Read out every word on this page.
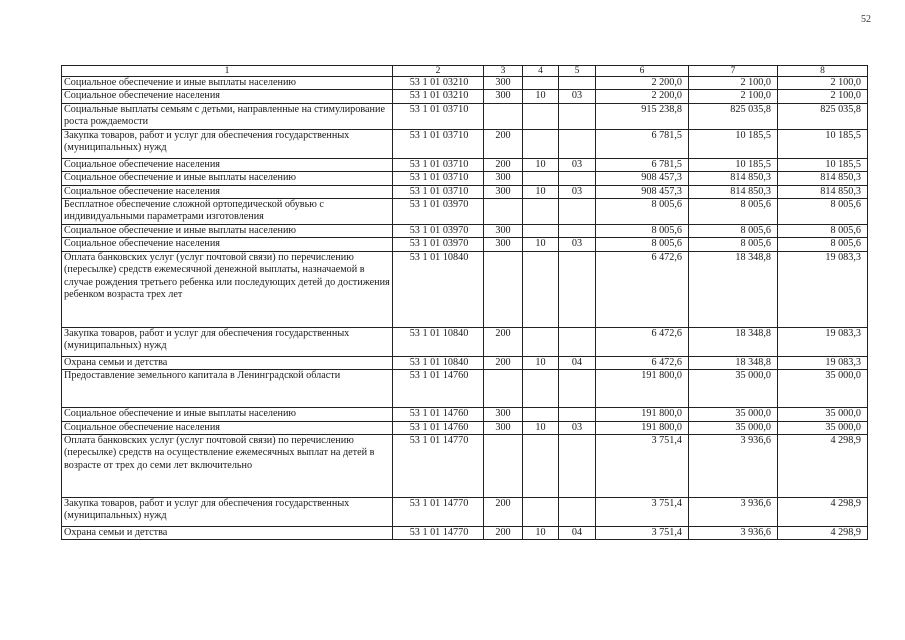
52
1	2	3	4	5	6	7	8
Социальное обеспечение и иные выплаты населению	53 1 01 03210	300			2 200,0	2 100,0	2 100,0
Социальное обеспечение населения	53 1 01 03210	300	10	03	2 200,0	2 100,0	2 100,0
Социальные выплаты семьям с детьми, направленные на стимулирование роста рождаемости	53 1 01 03710				915 238,8	825 035,8	825 035,8
Закупка товаров, работ и услуг для обеспечения государственных (муниципальных) нужд	53 1 01 03710	200			6 781,5	10 185,5	10 185,5
Социальное обеспечение населения	53 1 01 03710	200	10	03	6 781,5	10 185,5	10 185,5
Социальное обеспечение и иные выплаты населению	53 1 01 03710	300			908 457,3	814 850,3	814 850,3
Социальное обеспечение населения	53 1 01 03710	300	10	03	908 457,3	814 850,3	814 850,3
Бесплатное обеспечение сложной ортопедической обувью с индивидуальными параметрами изготовления	53 1 01 03970				8 005,6	8 005,6	8 005,6
Социальное обеспечение и иные выплаты населению	53 1 01 03970	300			8 005,6	8 005,6	8 005,6
Социальное обеспечение населения	53 1 01 03970	300	10	03	8 005,6	8 005,6	8 005,6
Оплата банковских услуг (услуг почтовой связи) по перечислению (пересылке) средств ежемесячной денежной выплаты, назначаемой в случае рождения третьего ребенка или последующих детей до достижения ребенком возраста трех лет	53 1 01 10840				6 472,6	18 348,8	19 083,3
Закупка товаров, работ и услуг для обеспечения государственных (муниципальных) нужд	53 1 01 10840	200			6 472,6	18 348,8	19 083,3
Охрана семьи и детства	53 1 01 10840	200	10	04	6 472,6	18 348,8	19 083,3
Предоставление земельного капитала в Ленинградской области	53 1 01 14760				191 800,0	35 000,0	35 000,0
Социальное обеспечение и иные выплаты населению	53 1 01 14760	300			191 800,0	35 000,0	35 000,0
Социальное обеспечение населения	53 1 01 14760	300	10	03	191 800,0	35 000,0	35 000,0
Оплата банковских услуг (услуг почтовой связи) по перечислению (пересылке) средств на осуществление ежемесячных выплат на детей в возрасте от трех до семи лет включительно	53 1 01 14770				3 751,4	3 936,6	4 298,9
Закупка товаров, работ и услуг для обеспечения государственных (муниципальных) нужд	53 1 01 14770	200			3 751,4	3 936,6	4 298,9
Охрана семьи и детства	53 1 01 14770	200	10	04	3 751,4	3 936,6	4 298,9
